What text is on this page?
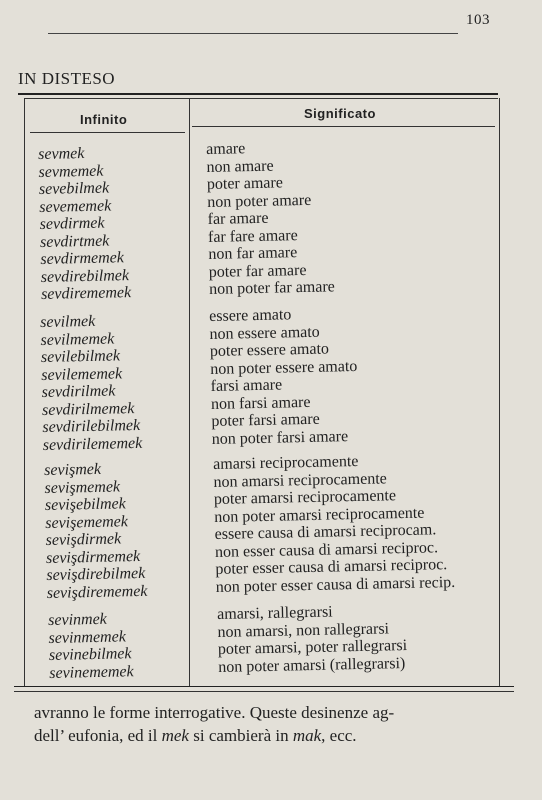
103
IN DISTESO
Infinito	Significato
sevmek
sevmemek
sevebilmek
sevememek
sevdirmek
sevdirtmek
sevdirmemek
sevdirebilmek
sevdirememek
amare
non amare
poter amare
non poter amare
far amare
far fare amare
non far amare
poter far amare
non poter far amare
sevilmek
sevilmemek
sevilebilmek
sevilememek
sevdirilmek
sevdirilmemek
sevdirilebilmek
sevdirilememek
essere amato
non essere amato
poter essere amato
non poter essere amato
farsi amare
non farsi amare
poter farsi amare
non poter farsi amare
sevişmek
sevişmemek
sevişebilmek
sevişememek
sevişdirmek
sevişdirmemek
sevişdirebilmek
sevişdirememek
amarsi reciprocamente
non amarsi reciprocamente
poter amarsi reciprocamente
non poter amarsi reciprocamente
essere causa di amarsi reciprocam.
non esser causa di amarsi reciproc.
poter esser causa di amarsi reciproc.
non poter esser causa di amarsi recip.
sevinmek
sevinmemek
sevinebilmek
sevinememek
amarsi, rallegrarsi
non amarsi, non rallegrarsi
poter amarsi, poter rallegrarsi
non poter amarsi (rallegrarsi)
avranno le forme interrogative. Queste desinenze ag-
dell’ eufonia, ed il mek si cambierà in mak, ecc.
